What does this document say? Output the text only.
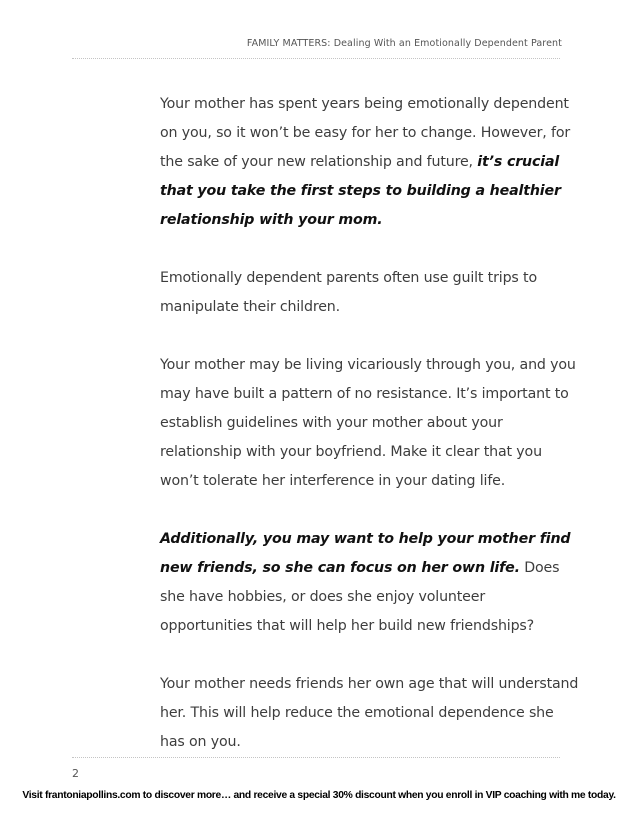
FAMILY MATTERS: Dealing With an Emotionally Dependent Parent

Your mother has spent years being emotionally dependent on you, so it won’t be easy for her to change. However, for the sake of your new relationship and future, it’s crucial that you take the first steps to building a healthier relationship with your mom.

Emotionally dependent parents often use guilt trips to manipulate their children.

Your mother may be living vicariously through you, and you may have built a pattern of no resistance. It’s important to establish guidelines with your mother about your relationship with your boyfriend. Make it clear that you won’t tolerate her interference in your dating life.

Additionally, you may want to help your mother find new friends, so she can focus on her own life. Does she have hobbies, or does she enjoy volunteer opportunities that will help her build new friendships?

Your mother needs friends her own age that will understand her. This will help reduce the emotional dependence she has on you.

2
Visit frantoniapollins.com to discover more… and receive a special 30% discount when you enroll in VIP coaching with me today.
